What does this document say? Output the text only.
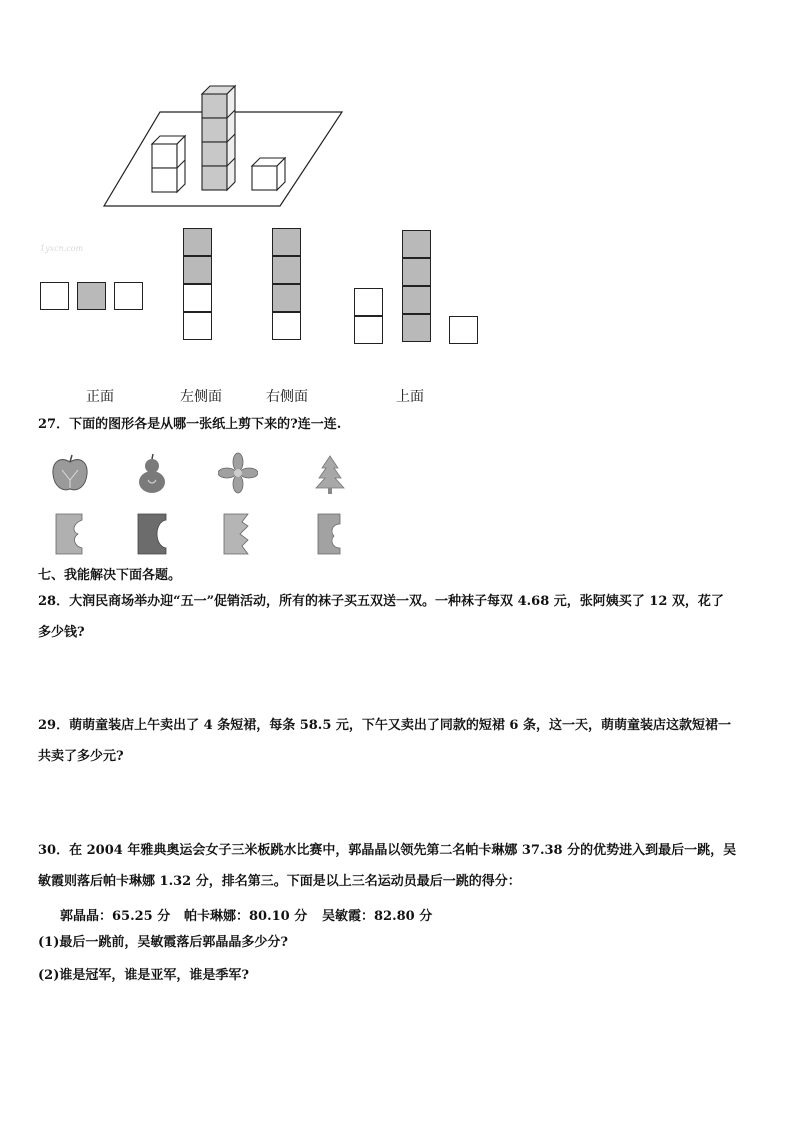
1yxcn.com
正面	左侧面	右侧面	上面
27．下面的图形各是从哪一张纸上剪下来的?连一连.
七、我能解决下面各题。
28．大润民商场举办迎“五一”促销活动，所有的袜子买五双送一双。一种袜子每双 4.68 元，张阿姨买了 12 双，花了
多少钱?
29．萌萌童装店上午卖出了 4 条短裙，每条 58.5 元，下午又卖出了同款的短裙 6 条，这一天，萌萌童装店这款短裙一
共卖了多少元?
30．在 2004 年雅典奥运会女子三米板跳水比赛中，郭晶晶以领先第二名帕卡琳娜 37.38 分的优势进入到最后一跳，吴
敏霞则落后帕卡琳娜 1.32 分，排名第三。下面是以上三名运动员最后一跳的得分：
郭晶晶：65.25 分 帕卡琳娜：80.10 分 吴敏霞：82.80 分
(1)最后一跳前，吴敏霞落后郭晶晶多少分?
(2)谁是冠军，谁是亚军，谁是季军?
